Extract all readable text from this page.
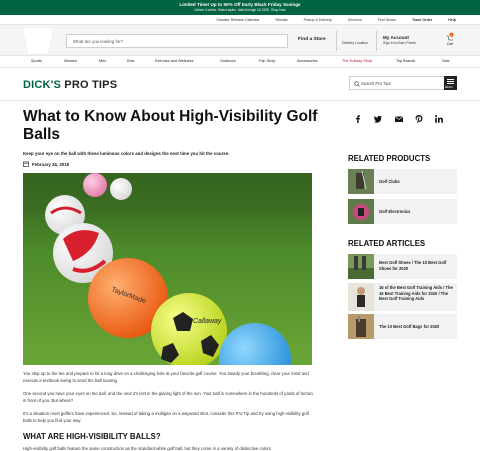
Limited Time! Up to 50% Off Early Black Friday Savings
Deliver it online. Select styles. Valid through 11/13/20. Shop Now
Sneaker Release Calendar	Rentals	Pickup & Delivery	Services	Find Stores	Track Order	Help
What are you looking for?	Find a Store
Delivery Location
My Account
Sign In to Earn Points
0
Cart
Sports	Women	Men	Kids	Exercise and Wellness	Outdoors	Fan Shop	Accessories	The Holiday Shop	Top Brands	Sale
DICK'S PRO TIPS	Search Pro Tips
MENU
What to Know About High-Visibility Golf Balls
Keep your eye on the ball with these luminous colors and designs the next time you hit the course.
February 26, 2018
TaylorMade
Callaway
You step up to the tee and prepare to hit a long drive on a challenging hole at your favorite golf course. You steady your breathing, clear your mind and execute a textbook swing to send the ball soaring.
One second you have your eyes on the ball, and the next it's lost in the glaring light of the sun. Your ball is somewhere in the hundreds of yards of terrain in front of you. But where?
It's a situation most golfers have experienced. So, instead of taking a mulligan on a wayward shot, consider this Pro Tip and try using high-visibility golf balls to help you find your way.
WHAT ARE HIGH-VISIBILITY BALLS?
High-visibility golf balls feature the same construction as the standard white golf ball, but they come in a variety of distinctive colors
RELATED PRODUCTS
Golf Clubs
Golf Electronics
RELATED ARTICLES
Best Golf Shoes / The 10 Best Golf Shoes for 2020
16 of the Best Golf Training Aids / The 16 Best Training Aids for 2020 / The Best Golf Training Aids
The 10 Best Golf Bags for 2020
